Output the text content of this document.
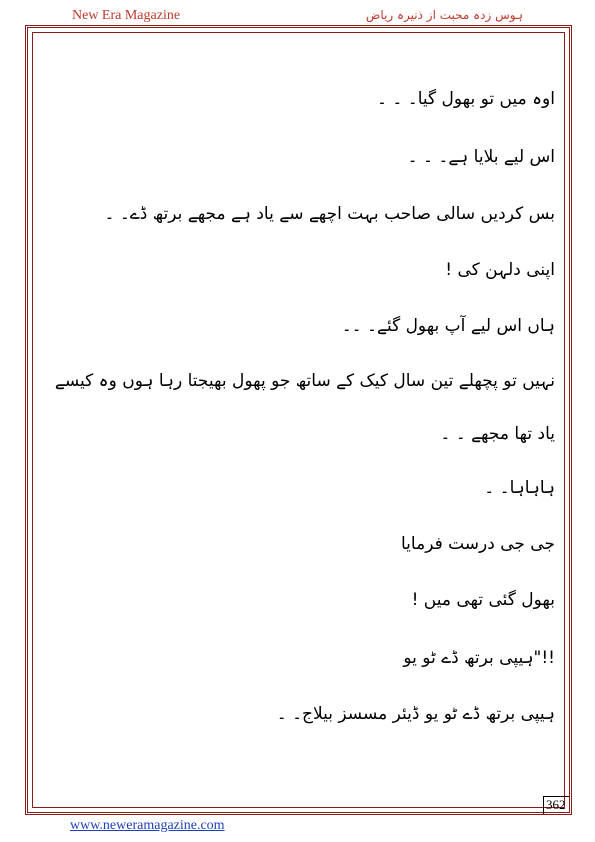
New Era Magazine	ہوس زدہ محبت از ذنیرہ ریاض
اوہ میں تو بھول گیا۔ ۔ ۔
اس لیے بلایا ہے۔ ۔ ۔
بس کردیں سالی صاحب بہت اچھے سے یاد ہے مجھے برتھ ڈے۔ ۔
اپنی دلہن کی !
ہاں اس لیے آپ بھول گئے۔ ۔۔
نہیں تو پچھلے تین سال کیک کے ساتھ جو پھول بھیجتا رہا ہوں وہ کیسے
یاد تھا مجھے ۔ ۔
ہاہاہا۔ ۔
جی جی درست فرمایا
بھول گئی تھی میں !
!!"ہیپی برتھ ڈے ٹو یو
ہیپی برتھ ڈے ٹو یو ڈیئر مسسز بیلاج۔ ۔
362
www.neweramagazine.com
